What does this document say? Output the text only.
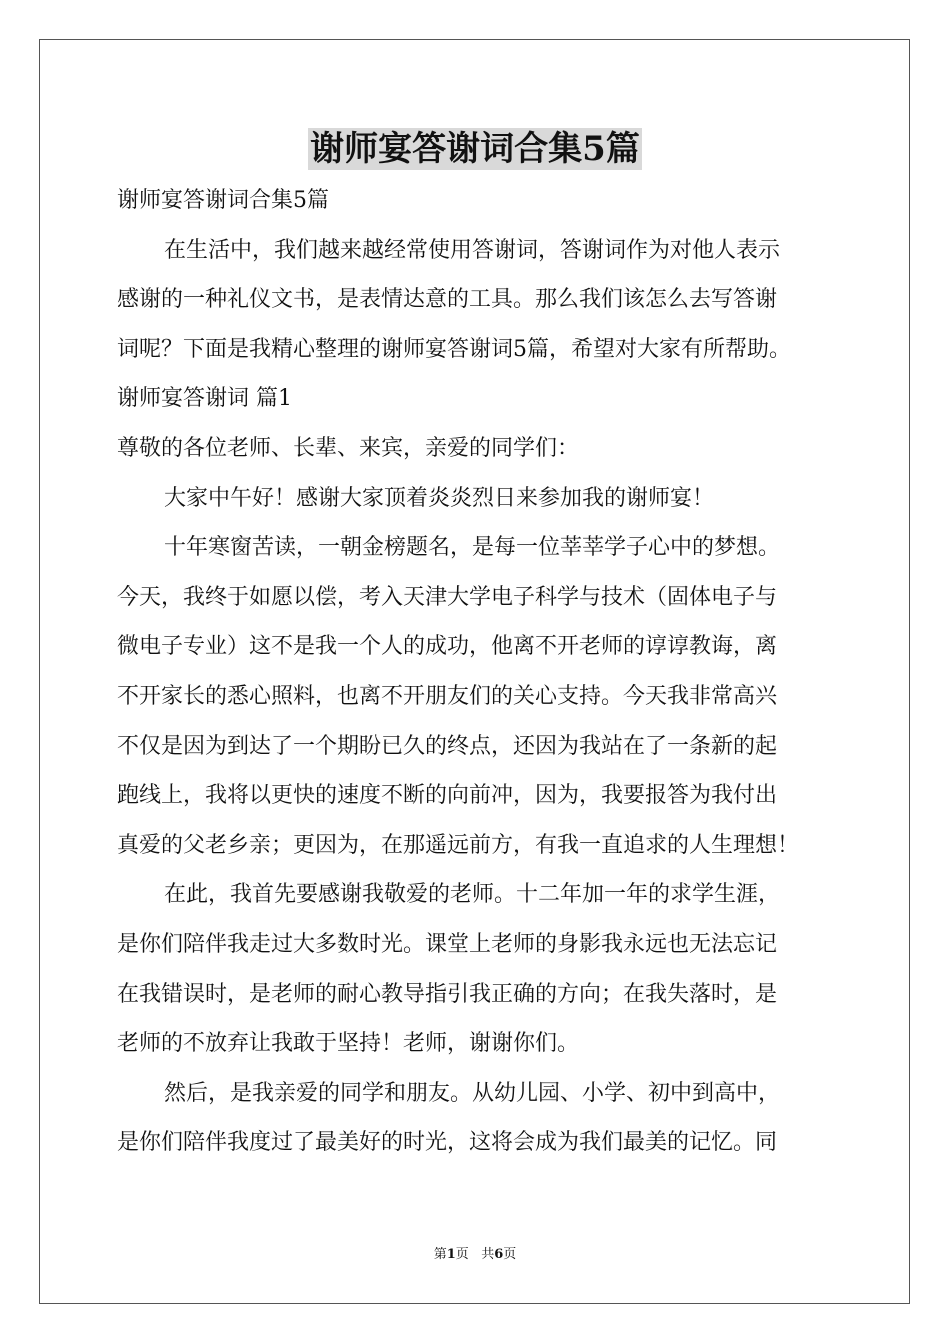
谢师宴答谢词合集5篇
谢师宴答谢词合集5篇
在生活中，我们越来越经常使用答谢词，答谢词作为对他人表示
感谢的一种礼仪文书，是表情达意的工具。那么我们该怎么去写答谢
词呢？下面是我精心整理的谢师宴答谢词5篇，希望对大家有所帮助。
谢师宴答谢词 篇1
尊敬的各位老师、长辈、来宾，亲爱的同学们：
大家中午好！感谢大家顶着炎炎烈日来参加我的谢师宴！
十年寒窗苦读，一朝金榜题名，是每一位莘莘学子心中的梦想。
今天，我终于如愿以偿，考入天津大学电子科学与技术（固体电子与
微电子专业）这不是我一个人的成功，他离不开老师的谆谆教诲，离
不开家长的悉心照料，也离不开朋友们的关心支持。今天我非常高兴
不仅是因为到达了一个期盼已久的终点，还因为我站在了一条新的起
跑线上，我将以更快的速度不断的向前冲，因为，我要报答为我付出
真爱的父老乡亲；更因为，在那遥远前方，有我一直追求的人生理想！
在此，我首先要感谢我敬爱的老师。十二年加一年的求学生涯，
是你们陪伴我走过大多数时光。课堂上老师的身影我永远也无法忘记
在我错误时，是老师的耐心教导指引我正确的方向；在我失落时，是
老师的不放弃让我敢于坚持！老师，谢谢你们。
然后，是我亲爱的同学和朋友。从幼儿园、小学、初中到高中，
是你们陪伴我度过了最美好的时光，这将会成为我们最美的记忆。同
第1页 共6页
